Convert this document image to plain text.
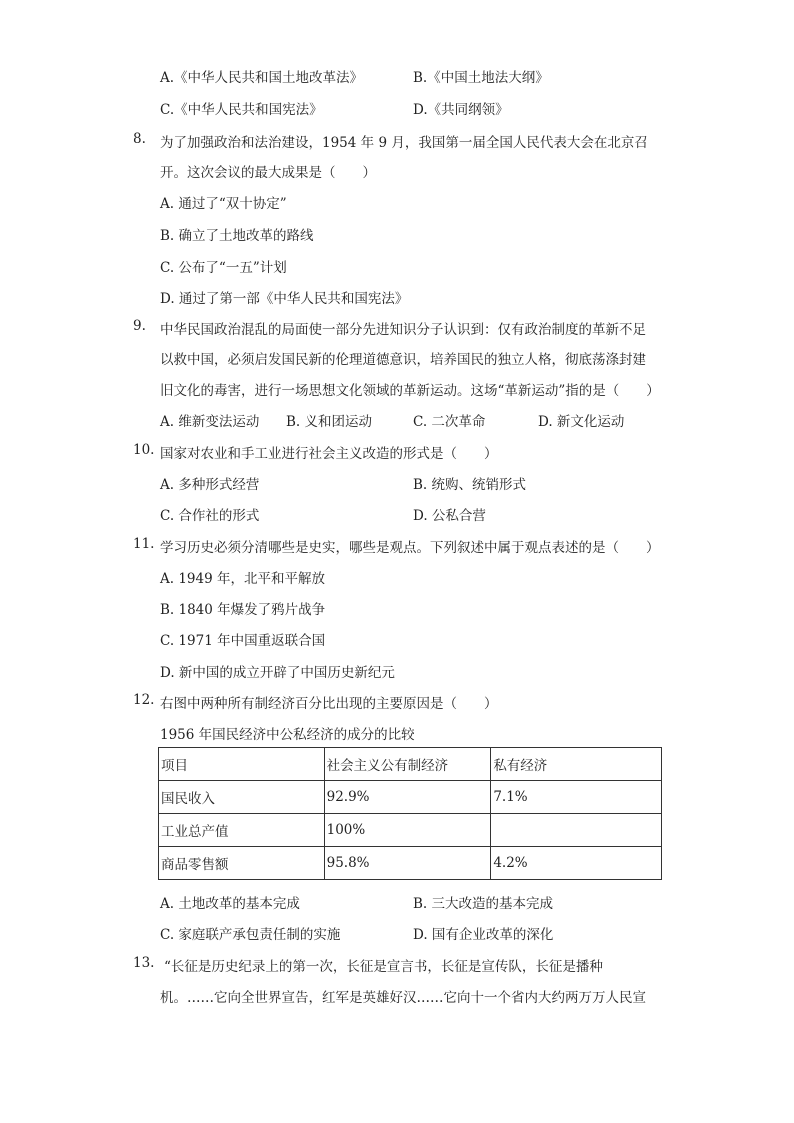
A.《中华人民共和国土地改革法》	B.《中国土地法大纲》
C.《中华人民共和国宪法》	D.《共同纲领》
8. 为了加强政治和法治建设，1954 年 9 月，我国第一届全国人民代表大会在北京召
开。这次会议的最大成果是（　　）
A. 通过了“双十协定”
B. 确立了土地改革的路线
C. 公布了“一五”计划
D. 通过了第一部《中华人民共和国宪法》
9. 中华民国政治混乱的局面使一部分先进知识分子认识到：仅有政治制度的革新不足
以救中国，必须启发国民新的伦理道德意识，培养国民的独立人格，彻底荡涤封建
旧文化的毒害，进行一场思想文化领域的革新运动。这场“革新运动”指的是（　　）
A. 维新变法运动 B. 义和团运动	C. 二次革命	D. 新文化运动
10. 国家对农业和手工业进行社会主义改造的形式是（　　）
A. 多种形式经营	B. 统购、统销形式
C. 合作社的形式	D. 公私合营
11. 学习历史必须分清哪些是史实，哪些是观点。下列叙述中属于观点表述的是（　　）
A. 1949 年，北平和平解放
B. 1840 年爆发了鸦片战争
C. 1971 年中国重返联合国
D. 新中国的成立开辟了中国历史新纪元
12. 右图中两种所有制经济百分比出现的主要原因是（　　）
1956 年国民经济中公私经济的成分的比较
项目	社会主义公有制经济	私有经济
国民收入	92.9%	7.1%
工业总产值	100%	
商品零售额	95.8%	4.2%
A. 土地改革的基本完成	B. 三大改造的基本完成
C. 家庭联产承包责任制的实施	D. 国有企业改革的深化
13. “长征是历史纪录上的第一次，长征是宣言书，长征是宣传队，长征是播种
机。……它向全世界宣告，红军是英雄好汉……它向十一个省内大约两万万人民宣
